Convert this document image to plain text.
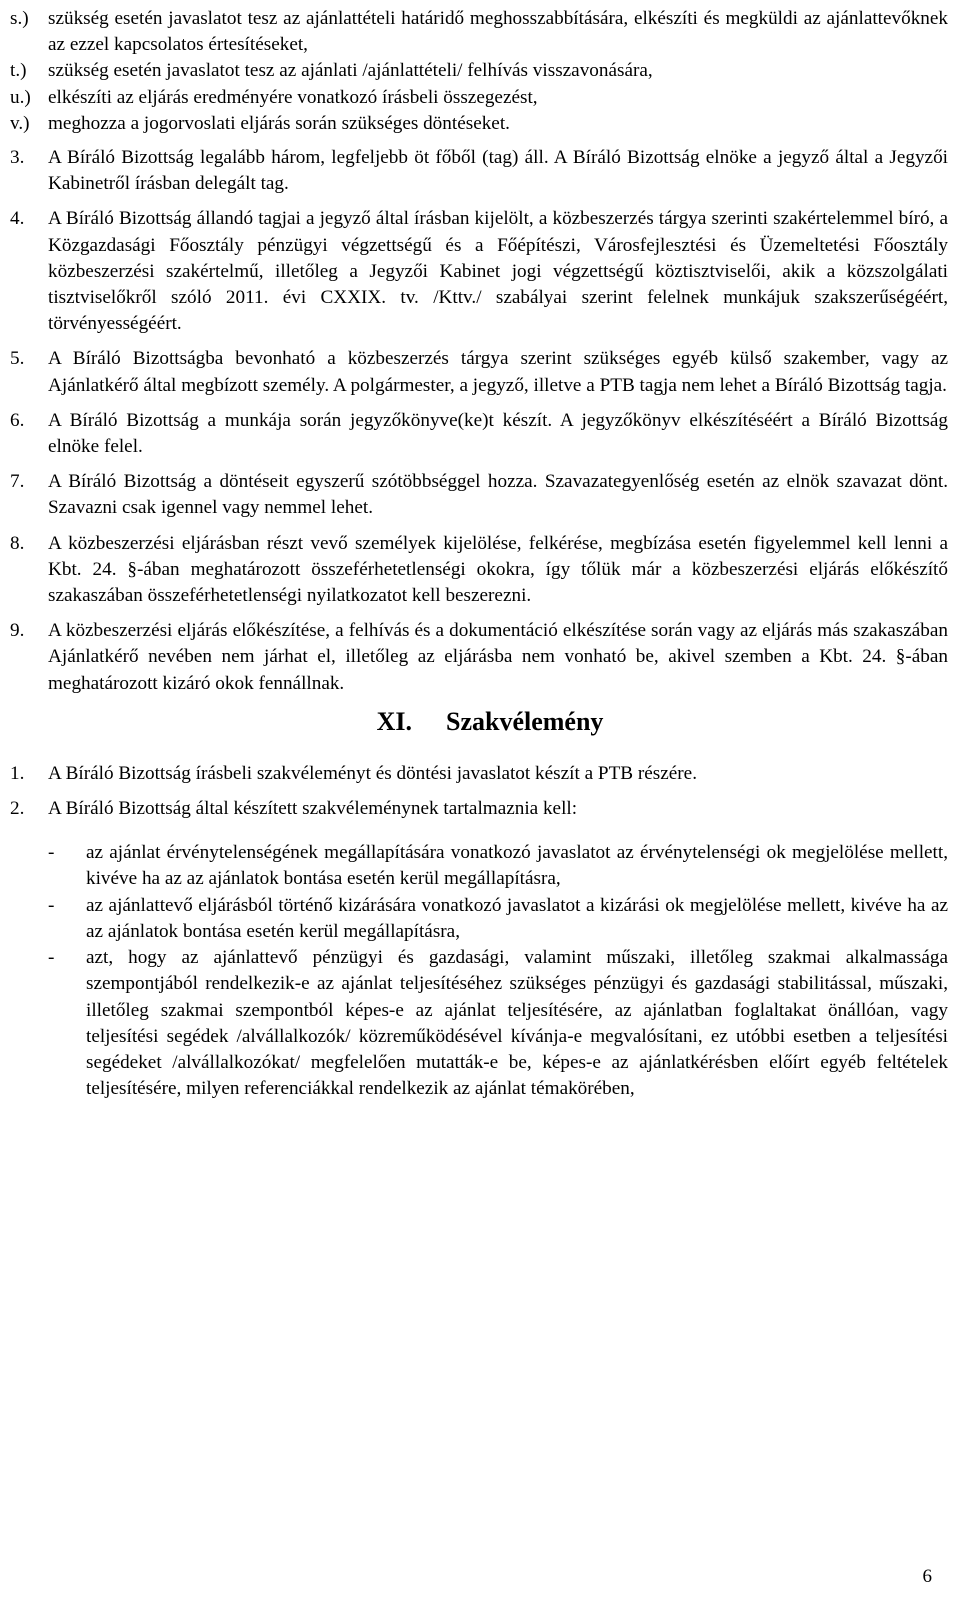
s.) szükség esetén javaslatot tesz az ajánlattételi határidő meghosszabbítására, elkészíti és megküldi az ajánlattevőknek az ezzel kapcsolatos értesítéseket,
t.) szükség esetén javaslatot tesz az ajánlati /ajánlattételi/ felhívás visszavonására,
u.) elkészíti az eljárás eredményére vonatkozó írásbeli összegezést,
v.) meghozza a jogorvoslati eljárás során szükséges döntéseket.
3. A Bíráló Bizottság legalább három, legfeljebb öt főből (tag) áll. A Bíráló Bizottság elnöke a jegyző által a Jegyzői Kabinetről írásban delegált tag.
4. A Bíráló Bizottság állandó tagjai a jegyző által írásban kijelölt, a közbeszerzés tárgya szerinti szakértelemmel bíró, a Közgazdasági Főosztály pénzügyi végzettségű és a Főépítészi, Városfejlesztési és Üzemeltetési Főosztály közbeszerzési szakértelmű, illetőleg a Jegyzői Kabinet jogi végzettségű köztisztviselői, akik a közszolgálati tisztviselőkről szóló 2011. évi CXXIX. tv. /Kttv./ szabályai szerint felelnek munkájuk szakszerűségéért, törvényességéért.
5. A Bíráló Bizottságba bevonható a közbeszerzés tárgya szerint szükséges egyéb külső szakember, vagy az Ajánlatkérő által megbízott személy. A polgármester, a jegyző, illetve a PTB tagja nem lehet a Bíráló Bizottság tagja.
6. A Bíráló Bizottság a munkája során jegyzőkönyve(ke)t készít. A jegyzőkönyv elkészítéséért a Bíráló Bizottság elnöke felel.
7. A Bíráló Bizottság a döntéseit egyszerű szótöbbséggel hozza. Szavazategyenlőség esetén az elnök szavazat dönt. Szavazni csak igennel vagy nemmel lehet.
8. A közbeszerzési eljárásban részt vevő személyek kijelölése, felkérése, megbízása esetén figyelemmel kell lenni a Kbt. 24. §-ában meghatározott összeférhetetlenségi okokra, így tőlük már a közbeszerzési eljárás előkészítő szakaszában összeférhetetlenségi nyilatkozatot kell beszerezni.
9. A közbeszerzési eljárás előkészítése, a felhívás és a dokumentáció elkészítése során vagy az eljárás más szakaszában Ajánlatkérő nevében nem járhat el, illetőleg az eljárásba nem vonható be, akivel szemben a Kbt. 24. §-ában meghatározott kizáró okok fennállnak.
XI. Szakvélemény
1. A Bíráló Bizottság írásbeli szakvéleményt és döntési javaslatot készít a PTB részére.
2. A Bíráló Bizottság által készített szakvéleménynek tartalmaznia kell:
- az ajánlat érvénytelenségének megállapítására vonatkozó javaslatot az érvénytelenségi ok megjelölése mellett, kivéve ha az az ajánlatok bontása esetén kerül megállapításra,
- az ajánlattevő eljárásból történő kizárására vonatkozó javaslatot a kizárási ok megjelölése mellett, kivéve ha az az ajánlatok bontása esetén kerül megállapításra,
- azt, hogy az ajánlattevő pénzügyi és gazdasági, valamint műszaki, illetőleg szakmai alkalmassága szempontjából rendelkezik-e az ajánlat teljesítéséhez szükséges pénzügyi és gazdasági stabilitással, műszaki, illetőleg szakmai szempontból képes-e az ajánlat teljesítésére, az ajánlatban foglaltakat önállóan, vagy teljesítési segédek /alvállalkozók/ közreműködésével kívánja-e megvalósítani, ez utóbbi esetben a teljesítési segédeket /alvállalkozókat/ megfelelően mutatták-e be, képes-e az ajánlatkérésben előírt egyéb feltételek teljesítésére, milyen referenciákkal rendelkezik az ajánlat témakörében,
6
